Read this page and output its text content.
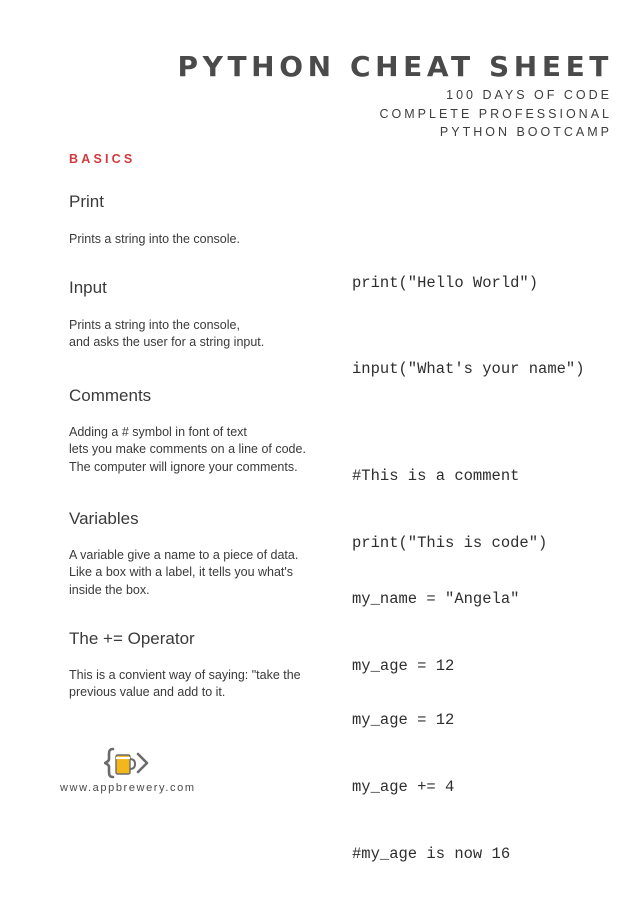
PYTHON CHEAT SHEET
100 DAYS OF CODE
COMPLETE PROFESSIONAL
PYTHON BOOTCAMP
BASICS
Print
Prints a string into the console.

print("Hello World")

Input
Prints a string into the console,
and asks the user for a string input.

input("What's your name")

Comments
Adding a # symbol in font of text
lets you make comments on a line of code.
The computer will ignore your comments.

#This is a comment

print("This is code")

Variables
A variable give a name to a piece of data.
Like a box with a label, it tells you what's
inside the box.

my_name = "Angela"

my_age = 12

The += Operator
This is a convient way of saying: "take the
previous value and add to it.

my_age = 12

my_age += 4

#my_age is now 16

www.appbrewery.com
